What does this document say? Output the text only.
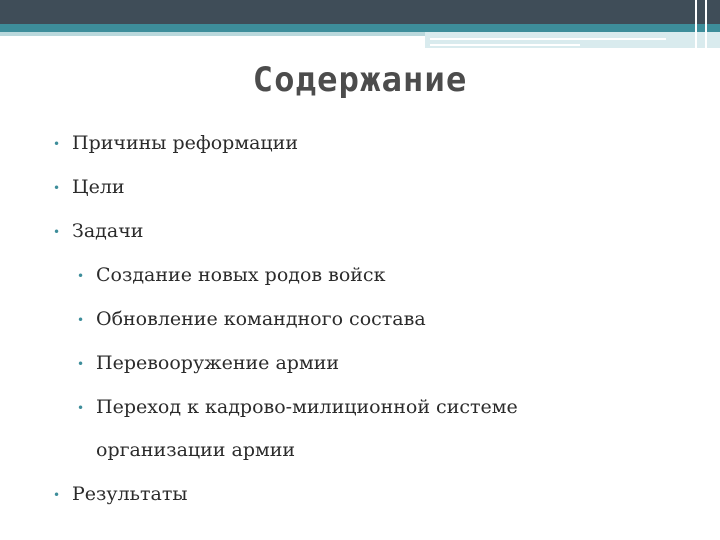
Содержание
• Причины реформации
• Цели
• Задачи
• Создание новых родов войск
• Обновление командного состава
• Перевооружение армии
• Переход к кадрово-милиционной системе
организации армии
• Результаты
